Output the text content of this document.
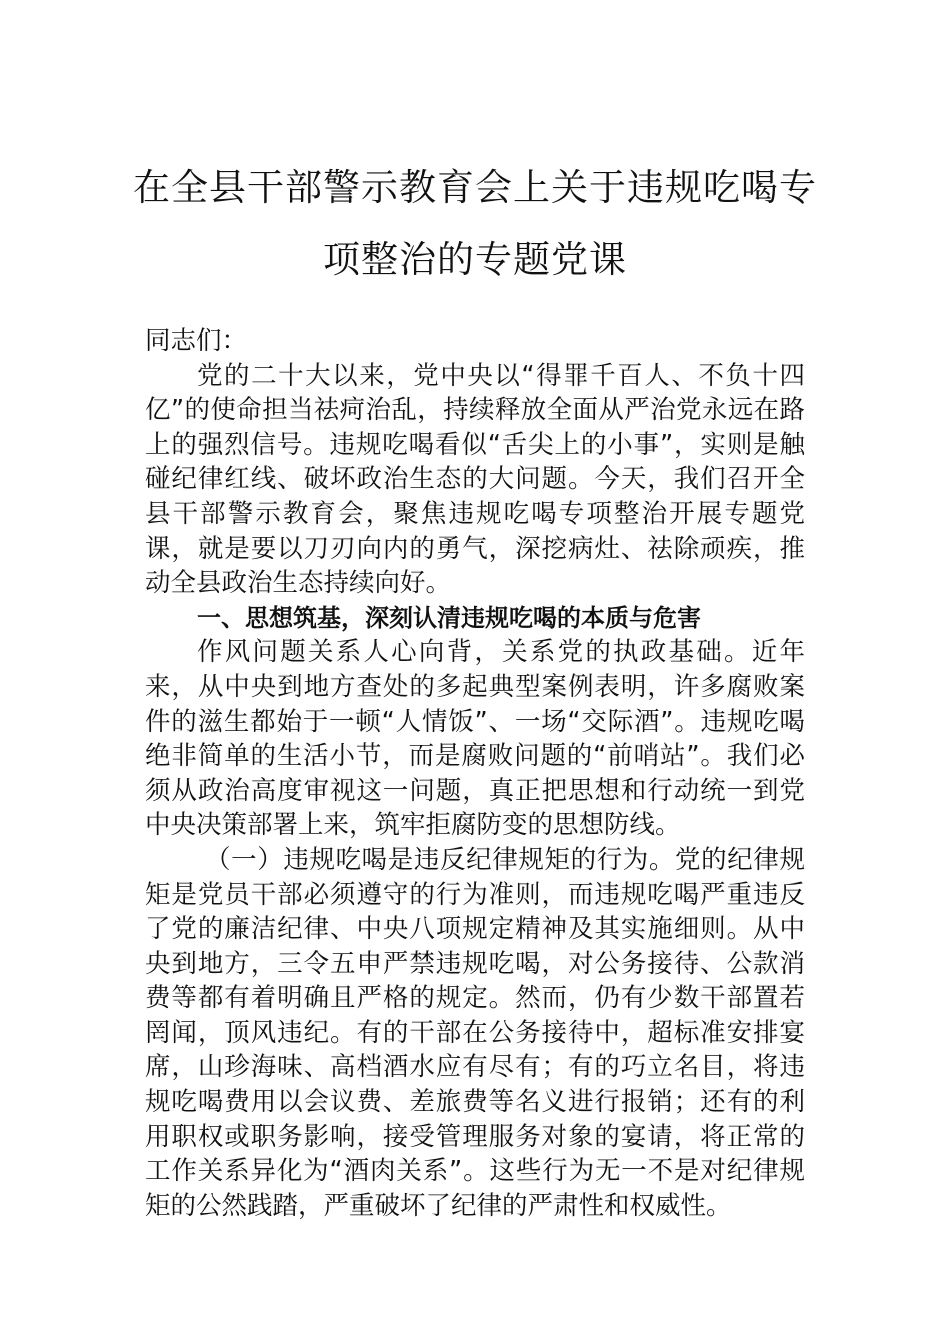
在全县干部警示教育会上关于违规吃喝专
项整治的专题党课

同志们：

党的二十大以来，党中央以“得罪千百人、不负十四亿”的使命担当祛疴治乱，持续释放全面从严治党永远在路上的强烈信号。违规吃喝看似“舌尖上的小事”，实则是触碰纪律红线、破坏政治生态的大问题。今天，我们召开全县干部警示教育会，聚焦违规吃喝专项整治开展专题党课，就是要以刀刃向内的勇气，深挖病灶、祛除顽疾，推动全县政治生态持续向好。

一、思想筑基，深刻认清违规吃喝的本质与危害

作风问题关系人心向背，关系党的执政基础。近年来，从中央到地方查处的多起典型案例表明，许多腐败案件的滋生都始于一顿“人情饭”、一场“交际酒”。违规吃喝绝非简单的生活小节，而是腐败问题的“前哨站”。我们必须从政治高度审视这一问题，真正把思想和行动统一到党中央决策部署上来，筑牢拒腐防变的思想防线。

（一）违规吃喝是违反纪律规矩的行为。党的纪律规矩是党员干部必须遵守的行为准则，而违规吃喝严重违反了党的廉洁纪律、中央八项规定精神及其实施细则。从中央到地方，三令五申严禁违规吃喝，对公务接待、公款消费等都有着明确且严格的规定。然而，仍有少数干部置若罔闻，顶风违纪。有的干部在公务接待中，超标准安排宴席，山珍海味、高档酒水应有尽有；有的巧立名目，将违规吃喝费用以会议费、差旅费等名义进行报销；还有的利用职权或职务影响，接受管理服务对象的宴请，将正常的工作关系异化为“酒肉关系”。这些行为无一不是对纪律规矩的公然践踏，严重破坏了纪律的严肃性和权威性。
